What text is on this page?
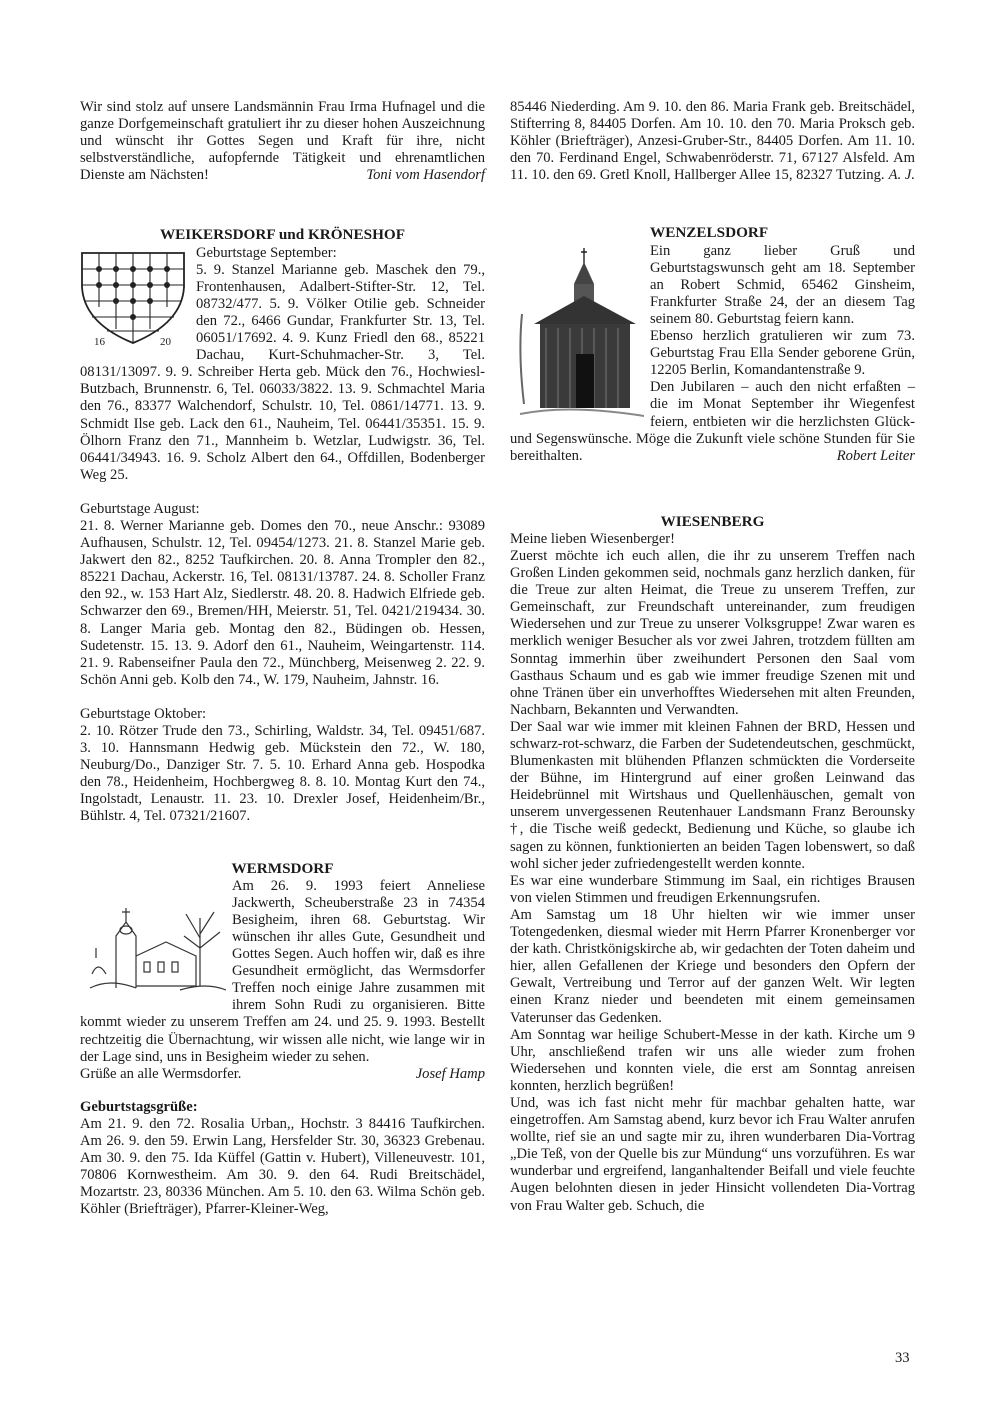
Wir sind stolz auf unsere Landsmännin Frau Irma Hufnagel und die ganze Dorfgemeinschaft gratuliert ihr zu dieser hohen Auszeichnung und wünscht ihr Gottes Segen und Kraft für ihre, nicht selbstverständliche, aufopfernde Tätigkeit und ehrenamtlichen Dienste am Nächsten!	Toni vom Hasendorf

WEIKERSDORF und KRÖNESHOF
16	20

Geburtstage September:

5. 9. Stanzel Marianne geb. Maschek den 79., Frontenhausen, Adalbert-Stifter-Str. 12, Tel. 08732/477. 5. 9. Völker Otilie geb. Schneider den 72., 6466 Gundar, Frankfurter Str. 13, Tel. 06051/17692. 4. 9. Kunz Friedl den 68., 85221 Dachau, Kurt-Schuhmacher-Str. 3, Tel. 08131/13097. 9. 9. Schreiber Herta geb. Mück den 76., Hochwiesl-Butzbach, Brunnenstr. 6, Tel. 06033/3822. 13. 9. Schmachtel Maria den 76., 83377 Walchendorf, Schulstr. 10, Tel. 0861/14771. 13. 9. Schmidt Ilse geb. Lack den 61., Nauheim, Tel. 06441/35351. 15. 9. Ölhorn Franz den 71., Mannheim b. Wetzlar, Ludwigstr. 36, Tel. 06441/34943. 16. 9. Scholz Albert den 64., Offdillen, Bodenberger Weg 25.

Geburtstage August:

21. 8. Werner Marianne geb. Domes den 70., neue Anschr.: 93089 Aufhausen, Schulstr. 12, Tel. 09454/1273. 21. 8. Stanzel Marie geb. Jakwert den 82., 8252 Taufkirchen. 20. 8. Anna Trompler den 82., 85221 Dachau, Ackerstr. 16, Tel. 08131/13787. 24. 8. Scholler Franz den 92., w. 153 Hart Alz, Siedlerstr. 48. 20. 8. Hadwich Elfriede geb. Schwarzer den 69., Bremen/HH, Meierstr. 51, Tel. 0421/219434. 30. 8. Langer Maria geb. Montag den 82., Büdingen ob. Hessen, Sudetenstr. 15. 13. 9. Adorf den 61., Nauheim, Weingartenstr. 114. 21. 9. Rabenseifner Paula den 72., Münchberg, Meisenweg 2. 22. 9. Schön Anni geb. Kolb den 74., W. 179, Nauheim, Jahnstr. 16.

Geburtstage Oktober:

2. 10. Rötzer Trude den 73., Schirling, Waldstr. 34, Tel. 09451/687. 3. 10. Hannsmann Hedwig geb. Mückstein den 72., W. 180, Neuburg/Do., Danziger Str. 7. 5. 10. Erhard Anna geb. Hospodka den 78., Heidenheim, Hochbergweg 8. 8. 10. Montag Kurt den 74., Ingolstadt, Lenaustr. 11. 23. 10. Drexler Josef, Heidenheim/Br., Bühlstr. 4, Tel. 07321/21607.

WERMSDORF

Am 26. 9. 1993 feiert Anneliese Jackwerth, Scheuberstraße 23 in 74354 Besigheim, ihren 68. Geburtstag. Wir wünschen ihr alles Gute, Gesundheit und Gottes Segen. Auch hoffen wir, daß es ihre Gesundheit ermöglicht, das Wermsdorfer Treffen noch einige Jahre zusammen mit ihrem Sohn Rudi zu organisieren. Bitte kommt wieder zu unserem Treffen am 24. und 25. 9. 1993. Bestellt rechtzeitig die Übernachtung, wir wissen alle nicht, wie lange wir in der Lage sind, uns in Besigheim wieder zu sehen.

Grüße an alle Wermsdorfer.	Josef Hamp

Geburtstagsgrüße:

Am 21. 9. den 72. Rosalia Urban,, Hochstr. 3 84416 Taufkirchen. Am 26. 9. den 59. Erwin Lang, Hersfelder Str. 30, 36323 Grebenau. Am 30. 9. den 75. Ida Küffel (Gattin v. Hubert), Villeneuvestr. 101, 70806 Kornwestheim. Am 30. 9. den 64. Rudi Breitschädel, Mozartstr. 23, 80336 München. Am 5. 10. den 63. Wilma Schön geb. Köhler (Briefträger), Pfarrer-Kleiner-Weg,

85446 Niederding. Am 9. 10. den 86. Maria Frank geb. Breitschädel, Stifterring 8, 84405 Dorfen. Am 10. 10. den 70. Maria Proksch geb. Köhler (Briefträger), Anzesi-Gruber-Str., 84405 Dorfen. Am 11. 10. den 70. Ferdinand Engel, Schwabenröderstr. 71, 67127 Alsfeld. Am 11. 10. den 69. Gretl Knoll, Hallberger Allee 15, 82327 Tutzing. A. J.

WENZELSDORF

Ein ganz lieber Gruß und Geburtstagswunsch geht am 18. September an Robert Schmid, 65462 Ginsheim, Frankfurter Straße 24, der an diesem Tag seinem 80. Geburtstag feiern kann.

Ebenso herzlich gratulieren wir zum 73. Geburtstag Frau Ella Sender geborene Grün, 12205 Berlin, Komandantenstraße 9.

Den Jubilaren – auch den nicht erfaßten – die im Monat September ihr Wiegenfest feiern, entbieten wir die herzlichsten Glück- und Segenswünsche. Möge die Zukunft viele schöne Stunden für Sie bereithalten.	Robert Leiter

WIESENBERG

Meine lieben Wiesenberger!

Zuerst möchte ich euch allen, die ihr zu unserem Treffen nach Großen Linden gekommen seid, nochmals ganz herzlich danken, für die Treue zur alten Heimat, die Treue zu unserem Treffen, zur Gemeinschaft, zur Freundschaft untereinander, zum freudigen Wiedersehen und zur Treue zu unserer Volksgruppe! Zwar waren es merklich weniger Besucher als vor zwei Jahren, trotzdem füllten am Sonntag immerhin über zweihundert Personen den Saal vom Gasthaus Schaum und es gab wie immer freudige Szenen mit und ohne Tränen über ein unverhofftes Wiedersehen mit alten Freunden, Nachbarn, Bekannten und Verwandten.

Der Saal war wie immer mit kleinen Fahnen der BRD, Hessen und schwarz-rot-schwarz, die Farben der Sudetendeutschen, geschmückt, Blumenkasten mit blühenden Pflanzen schmückten die Vorderseite der Bühne, im Hintergrund auf einer großen Leinwand das Heidebrünnel mit Wirtshaus und Quellenhäuschen, gemalt von unserem unvergessenen Reutenhauer Landsmann Franz Berounsky †, die Tische weiß gedeckt, Bedienung und Küche, so glaube ich sagen zu können, funktionierten an beiden Tagen lobenswert, so daß wohl sicher jeder zufriedengestellt werden konnte.

Es war eine wunderbare Stimmung im Saal, ein richtiges Brausen von vielen Stimmen und freudigen Erkennungsrufen.

Am Samstag um 18 Uhr hielten wir wie immer unser Totengedenken, diesmal wieder mit Herrn Pfarrer Kronenberger vor der kath. Christkönigskirche ab, wir gedachten der Toten daheim und hier, allen Gefallenen der Kriege und besonders den Opfern der Gewalt, Vertreibung und Terror auf der ganzen Welt. Wir legten einen Kranz nieder und beendeten mit einem gemeinsamen Vaterunser das Gedenken.

Am Sonntag war heilige Schubert-Messe in der kath. Kirche um 9 Uhr, anschließend trafen wir uns alle wieder zum frohen Wiedersehen und konnten viele, die erst am Sonntag anreisen konnten, herzlich begrüßen!

Und, was ich fast nicht mehr für machbar gehalten hatte, war eingetroffen. Am Samstag abend, kurz bevor ich Frau Walter anrufen wollte, rief sie an und sagte mir zu, ihren wunderbaren Dia-Vortrag „Die Teß, von der Quelle bis zur Mündung“ uns vorzuführen. Es war wunderbar und ergreifend, langanhaltender Beifall und viele feuchte Augen belohnten diesen in jeder Hinsicht vollendeten Dia-Vortrag von Frau Walter geb. Schuch, die

33
